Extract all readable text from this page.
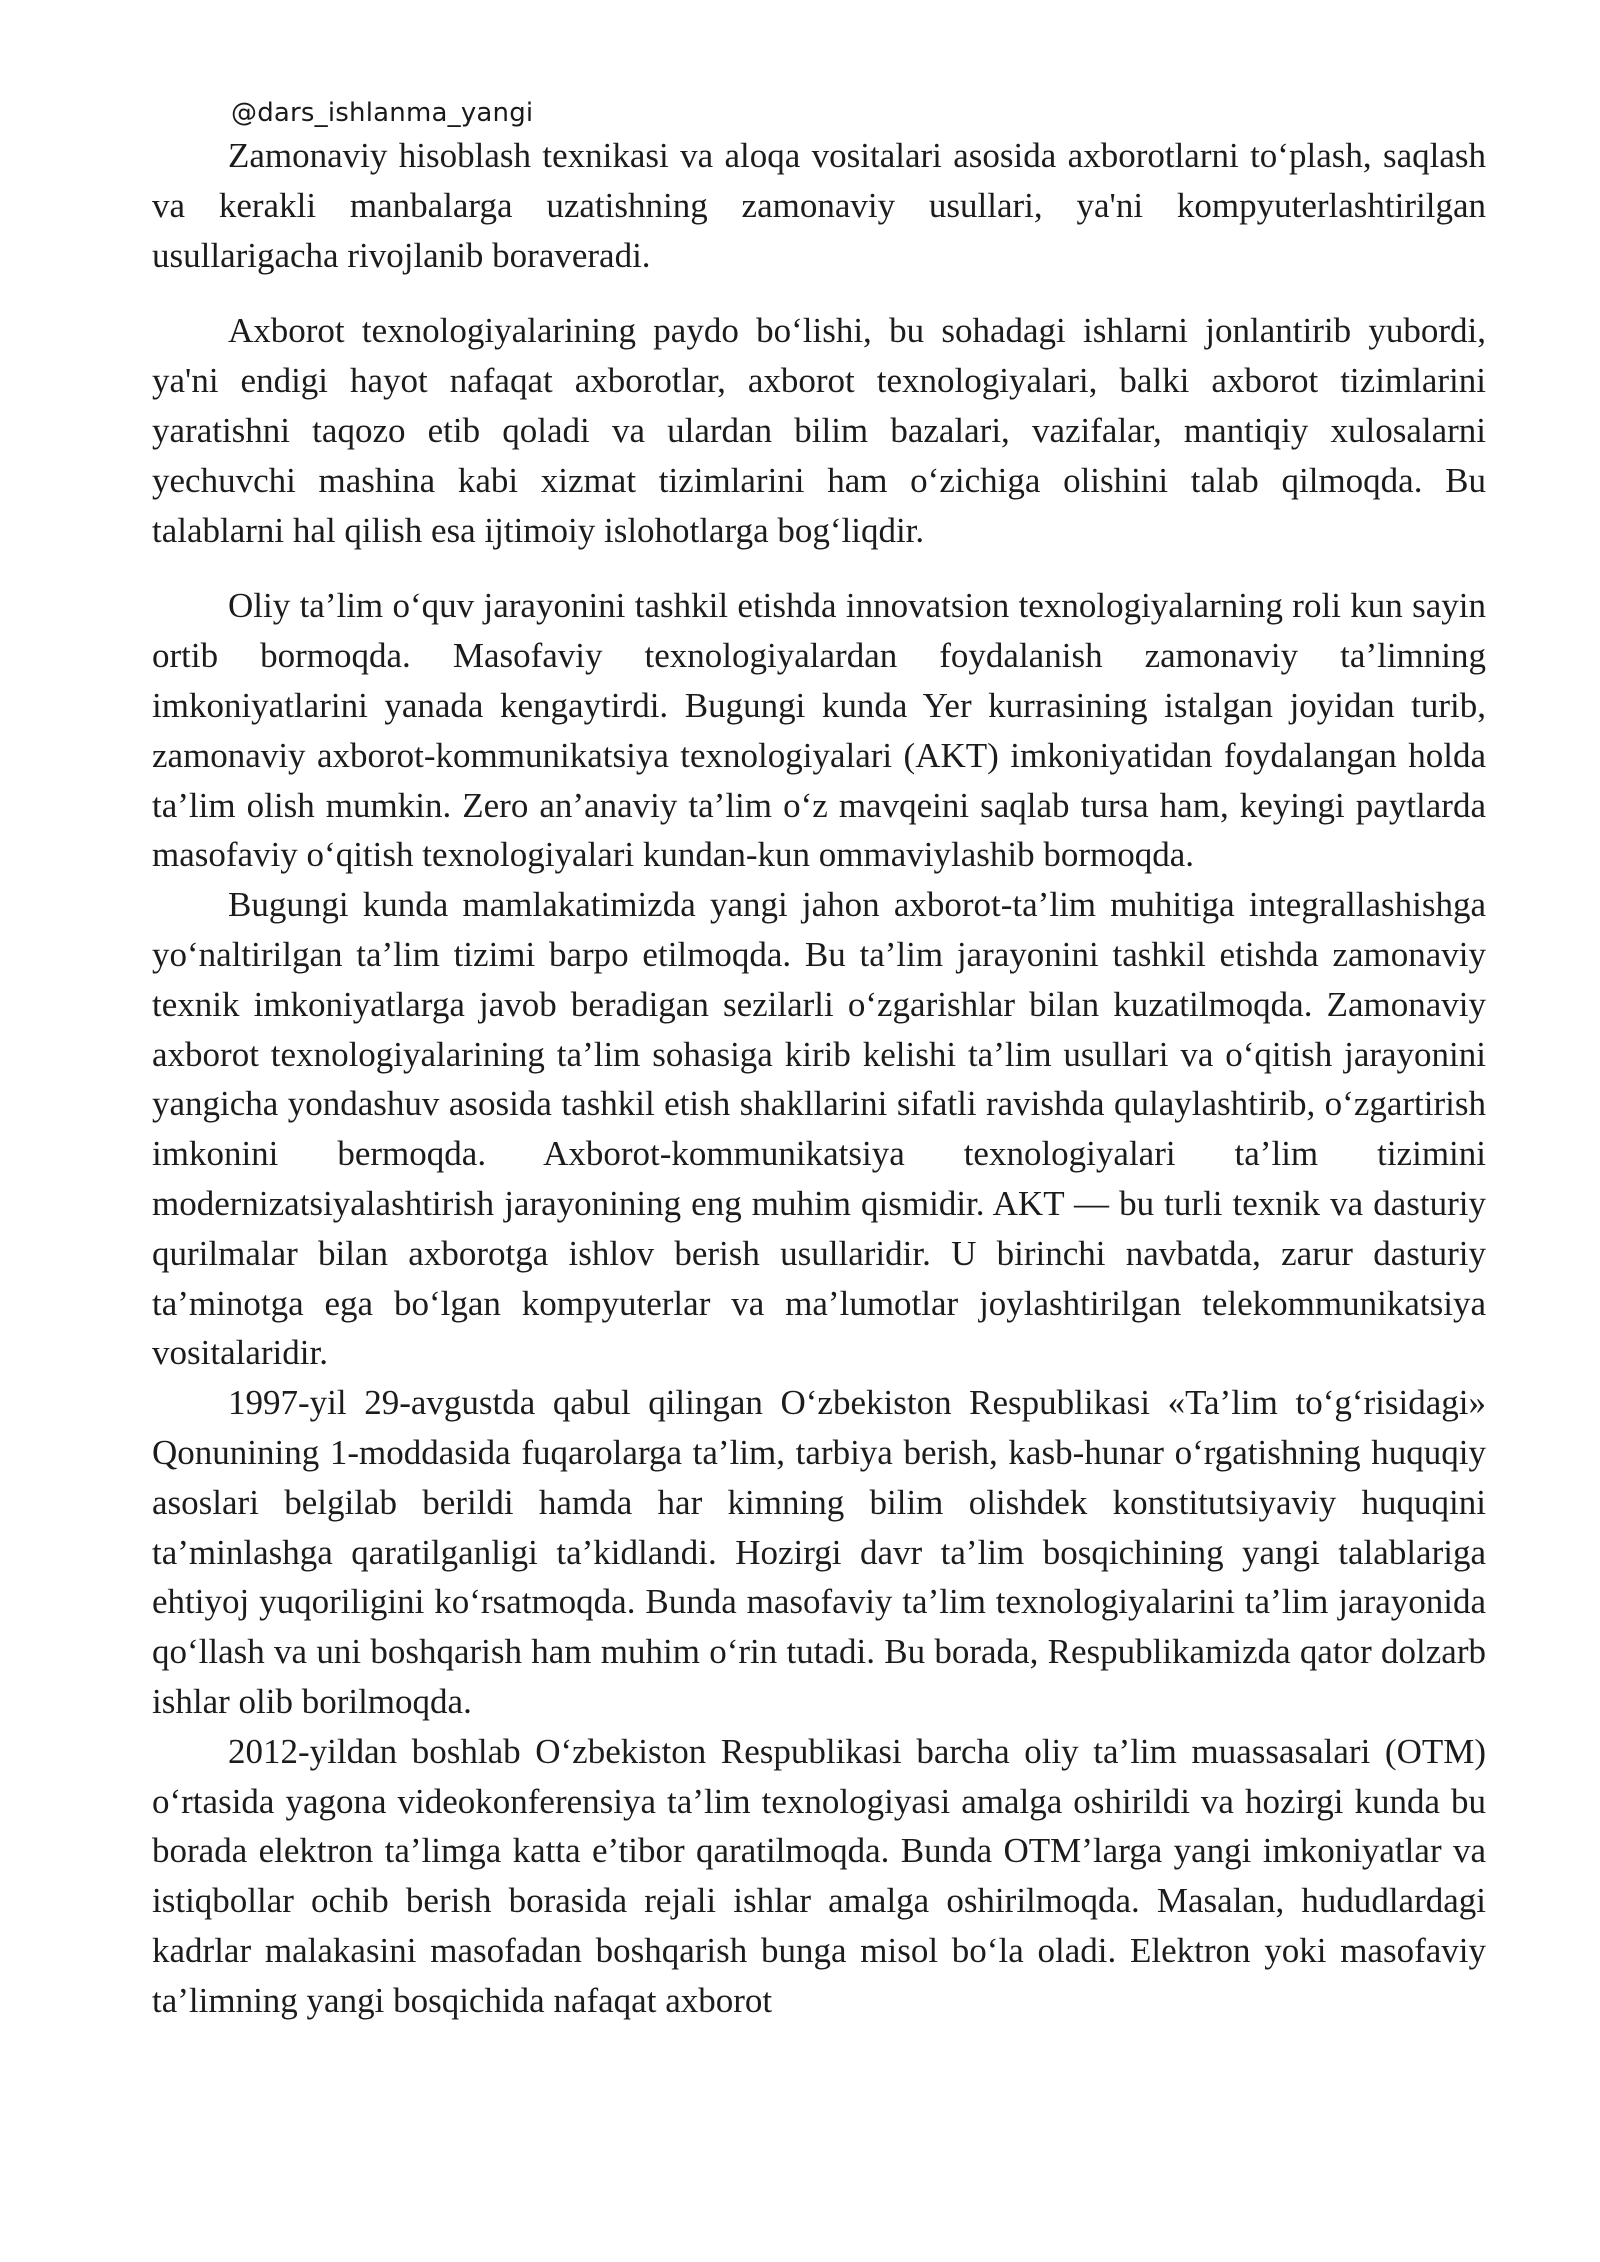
@dars_ishlanma_yangi

Zamonaviy hisoblash texnikasi va aloqa vositalari asosida axborotlarni to‘plash, saqlash va kerakli manbalarga uzatishning zamonaviy usullari, ya'ni kompyuterlashtirilgan usullarigacha rivojlanib boraveradi.

Axborot texnologiyalarining paydo bo‘lishi, bu sohadagi ishlarni jonlantirib yubordi, ya'ni endigi hayot nafaqat axborotlar, axborot texnologiyalari, balki axborot tizimlarini yaratishni taqozo etib qoladi va ulardan bilim bazalari, vazifalar, mantiqiy xulosalarni yechuvchi mashina kabi xizmat tizimlarini ham o‘zichiga olishini talab qilmoqda. Bu talablarni hal qilish esa ijtimoiy islohotlarga bog‘liqdir.

Oliy ta’lim o‘quv jarayonini tashkil etishda innovatsion texnologiyalarning roli kun sayin ortib bormoqda. Masofaviy texnologiyalardan foydalanish zamonaviy ta’limning imkoniyatlarini yanada kengaytirdi. Bugungi kunda Yer kurrasining istalgan joyidan turib, zamonaviy axborot-kommunikatsiya texnologiyalari (AKT) imkoniyatidan foydalangan holda ta’lim olish mumkin. Zero an’anaviy ta’lim o‘z mavqeini saqlab tursa ham, keyingi paytlarda masofaviy o‘qitish texnologiyalari kundan-kun ommaviylashib bormoqda.

Bugungi kunda mamlakatimizda yangi jahon axborot-ta’lim muhitiga integrallashishga yo‘naltirilgan ta’lim tizimi barpo etilmoqda. Bu ta’lim jarayonini tashkil etishda zamonaviy texnik imkoniyatlarga javob beradigan sezilarli o‘zgarishlar bilan kuzatilmoqda. Zamonaviy axborot texnologiyalarining ta’lim sohasiga kirib kelishi ta’lim usullari va o‘qitish jarayonini yangicha yondashuv asosida tashkil etish shakllarini sifatli ravishda qulaylashtirib, o‘zgartirish imkonini bermoqda. Axborot-kommunikatsiya texnologiyalari ta’lim tizimini modernizatsiyalashtirish jarayonining eng muhim qismidir. AKT — bu turli texnik va dasturiy qurilmalar bilan axborotga ishlov berish usullaridir. U birinchi navbatda, zarur dasturiy ta’minotga ega bo‘lgan kompyuterlar va ma’lumotlar joylashtirilgan telekommunikatsiya vositalaridir.

1997-yil 29-avgustda qabul qilingan O‘zbekiston Respublikasi «Ta’lim to‘g‘risidagi» Qonunining 1-moddasida fuqarolarga ta’lim, tarbiya berish, kasb-hunar o‘rgatishning huquqiy asoslari belgilab berildi hamda har kimning bilim olishdek konstitutsiyaviy huquqini ta’minlashga qaratilganligi ta’kidlandi. Hozirgi davr ta’lim bosqichining yangi talablariga ehtiyoj yuqoriligini ko‘rsatmoqda. Bunda masofaviy ta’lim texnologiyalarini ta’lim jarayonida qo‘llash va uni boshqarish ham muhim o‘rin tutadi. Bu borada, Respublikamizda qator dolzarb ishlar olib borilmoqda.

2012-yildan boshlab O‘zbekiston Respublikasi barcha oliy ta’lim muassasalari (OTM) o‘rtasida yagona videokonferensiya ta’lim texnologiyasi amalga oshirildi va hozirgi kunda bu borada elektron ta’limga katta e’tibor qaratilmoqda. Bunda OTM’larga yangi imkoniyatlar va istiqbollar ochib berish borasida rejali ishlar amalga oshirilmoqda. Masalan, hududlardagi kadrlar malakasini masofadan boshqarish bunga misol bo‘la oladi. Elektron yoki masofaviy ta’limning yangi bosqichida nafaqat axborot
